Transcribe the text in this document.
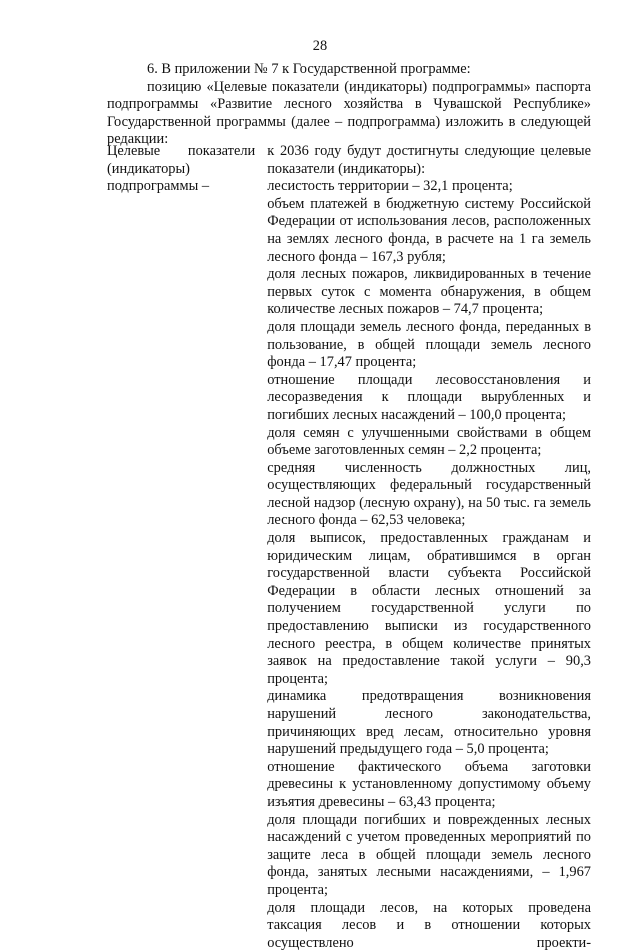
28

6. В приложении № 7 к Государственной программе:

позицию «Целевые показатели (индикаторы) подпрограммы» паспорта подпрограммы «Развитие лесного хозяйства в Чувашской Республике» Государственной программы (далее – подпрограмма) изложить в следующей редакции:

Целевые показатели (индикаторы) подпрограммы –

к 2036 году будут достигнуты следующие целевые показатели (индикаторы):

лесистость территории – 32,1 процента;

объем платежей в бюджетную систему Российской Федерации от использования лесов, расположенных на землях лесного фонда, в расчете на 1 га земель лесного фонда – 167,3 рубля;

доля лесных пожаров, ликвидированных в течение первых суток с момента обнаружения, в общем количестве лесных пожаров – 74,7 процента;

доля площади земель лесного фонда, переданных в пользование, в общей площади земель лесного фонда – 17,47 процента;

отношение площади лесовосстановления и лесоразведения к площади вырубленных и погибших лесных насаждений – 100,0 процента;

доля семян с улучшенными свойствами в общем объеме заготовленных семян – 2,2 процента;

средняя численность должностных лиц, осуществляющих федеральный государственный лесной надзор (лесную охрану), на 50 тыс. га земель лесного фонда – 62,53 человека;

доля выписок, предоставленных гражданам и юридическим лицам, обратившимся в орган государственной власти субъекта Российской Федерации в области лесных отношений за получением государственной услуги по предоставлению выписки из государственного лесного реестра, в общем количестве принятых заявок на предоставление такой услуги – 90,3 процента;

динамика предотвращения возникновения нарушений лесного законодательства, причиняющих вред лесам, относительно уровня нарушений предыдущего года – 5,0 процента;

отношение фактического объема заготовки древесины к установленному допустимому объему изъятия древесины – 63,43 процента;

доля площади погибших и поврежденных лесных насаждений с учетом проведенных мероприятий по защите леса в общей площади земель лесного фонда, занятых лесными насаждениями, – 1,967 процента;

доля площади лесов, на которых проведена таксация лесов и в отношении которых осуществлено проекти-
